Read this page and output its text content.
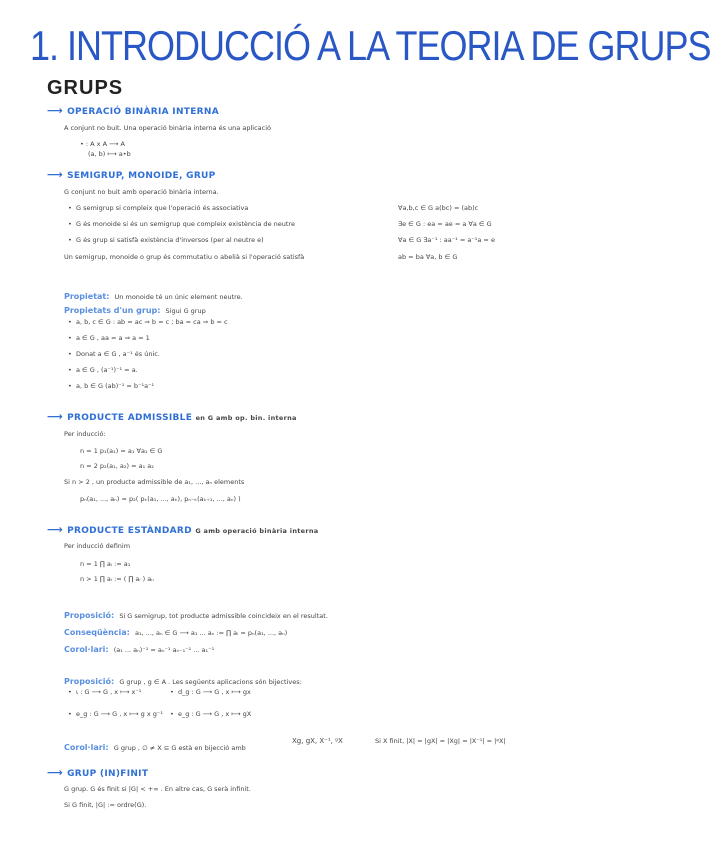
1. INTRODUCCIÓ A LA TEORIA DE GRUPS
GRUPS
⟶ OPERACIÓ BINÀRIA INTERNA
A conjunt no buit. Una operació binària interna és una aplicació
• : A x A ⟶ A
(a, b) ⟼ a•b
⟶ SEMIGRUP, MONOIDE, GRUP
G conjunt no buit amb operació binària interna.
•  G semigrup si compleix que l'operació és associativa	∀a,b,c ∈ G a(bc) = (ab)c
•  G és monoide si és un semigrup que compleix existència de neutre	∃e ∈ G : ea = ae = a ∀a ∈ G
•  G és grup si satisfà existència d'inversos (per al neutre e)	∀a ∈ G ∃a⁻¹ : aa⁻¹ = a⁻¹a = e
Un semigrup, monoide o grup és commutatiu o abelià si l'operació satisfà	ab = ba ∀a, b ∈ G
Propietat: Un monoide té un únic element neutre.
Propietats d'un grup: Sigui G grup
•  a, b, c ∈ G : ab = ac ⇒ b = c ; ba = ca ⇒ b = c
•  a ∈ G , aa = a ⇒ a = 1
•  Donat a ∈ G , a⁻¹ és únic.
•  a ∈ G , (a⁻¹)⁻¹ = a.
•  a, b ∈ G (ab)⁻¹ = b⁻¹a⁻¹
⟶ PRODUCTE ADMISSIBLE en G amb op. bin. interna
Per inducció:
n = 1 p₁(a₁) = a₁ ∀a₁ ∈ G
n = 2 p₂(a₁, a₂) = a₁ a₂
Si n > 2 , un producte admissible de a₁, ..., aₙ elements
pₙ(a₁, ..., aₙ) = p₂( pₖ(a₁, ..., aₖ), pₙ₋ₖ(aₖ₊₁, ..., aₙ) )
⟶ PRODUCTE ESTÀNDARD G amb operació binària interna
Per inducció definim
n = 1 ∏ aᵢ := a₁
n > 1 ∏ aᵢ := ( ∏ aᵢ ) aₙ
Proposició: Si G semigrup, tot producte admissible coincideix en el resultat.
Conseqüència: a₁, ..., aₙ ∈ G ⟶ a₁ ... aₙ := ∏ aᵢ = pₙ(a₁, ..., aₙ)
Corol·lari: (a₁ ... aₙ)⁻¹ = aₙ⁻¹ aₙ₋₁⁻¹ ... a₁⁻¹
Proposició: G grup , g ∈ A . Les següents aplicacions són bijectives:
•  ι : G ⟶ G , x ⟼ x⁻¹	•  d_g : G ⟶ G , x ⟼ gx
•  e_g : G ⟶ G , x ⟼ g x g⁻¹ •  e_g : G ⟶ G , x ⟼ gX
Corol·lari: G grup , ∅ ≠ X ⊆ G està en bijecció amb
Xg, gX, X⁻¹, ᵍX	Si X finit, |X| = |gX| = |Xg| = |X⁻¹| = |ᵍX|
⟶ GRUP (IN)FINIT
G grup. G és finit si |G| < +∞ . En altre cas, G serà infinit.
Si G finit, |G| := ordre(G).
